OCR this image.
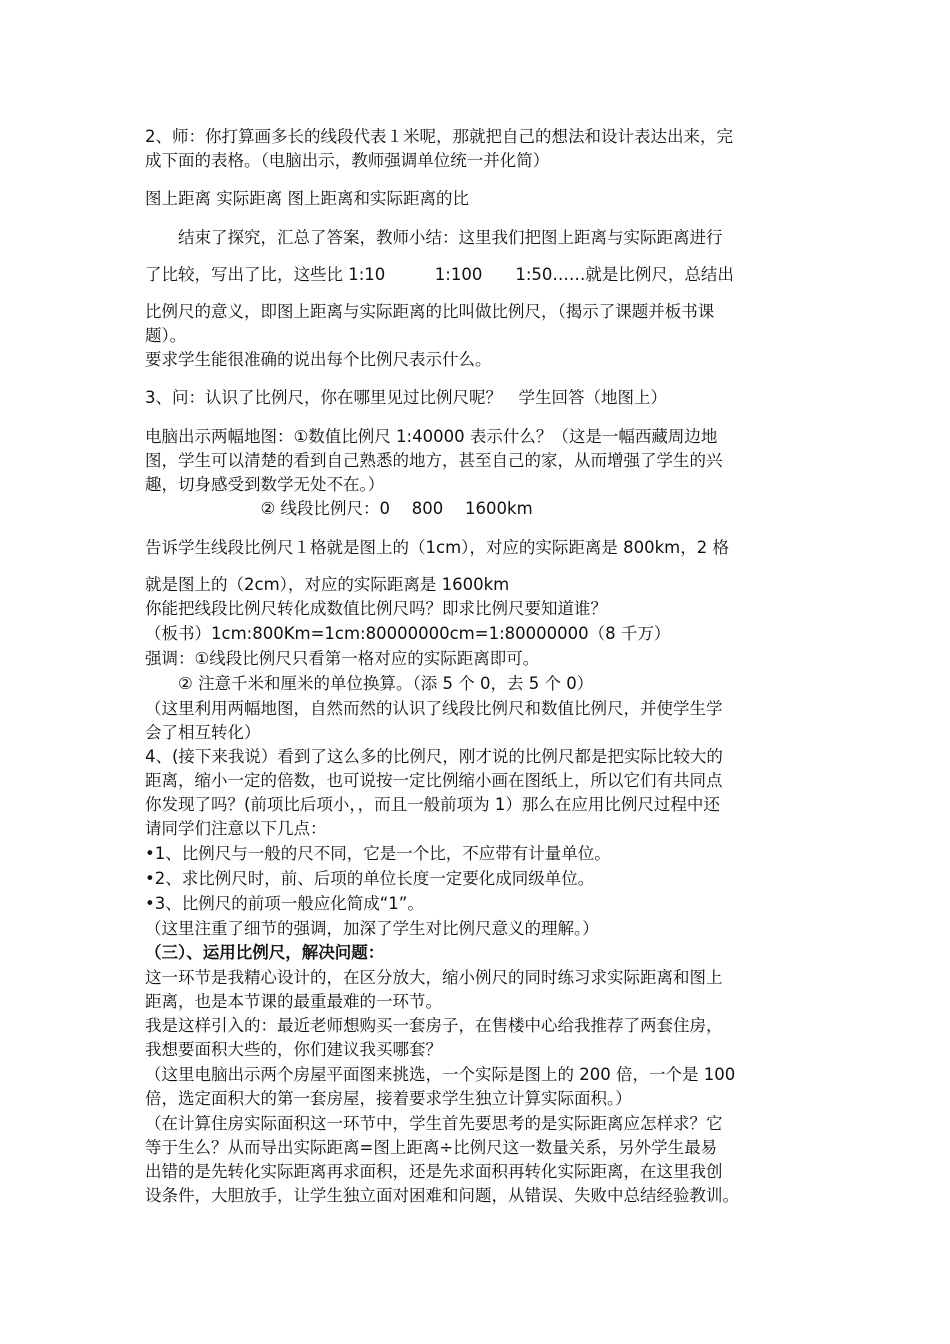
2、师：你打算画多长的线段代表１米呢，那就把自己的想法和设计表达出来，完
成下面的表格。（电脑出示，教师强调单位统一并化简）
图上距离 实际距离 图上距离和实际距离的比
　　结束了探究，汇总了答案，教师小结：这里我们把图上距离与实际距离进行
了比较，写出了比，这些比 1:10　　　1:100　　1:50……就是比例尺，总结出
比例尺的意义，即图上距离与实际距离的比叫做比例尺，（揭示了课题并板书课
题）。
要求学生能很准确的说出每个比例尺表示什么。
3、问：认识了比例尺，你在哪里见过比例尺呢？　学生回答（地图上）
电脑出示两幅地图：①数值比例尺 1:40000 表示什么？（这是一幅西藏周边地
图，学生可以清楚的看到自己熟悉的地方，甚至自己的家，从而增强了学生的兴
趣，切身感受到数学无处不在。）
　　　　　　　② 线段比例尺：0　 800　 1600km
告诉学生线段比例尺１格就是图上的（1cm），对应的实际距离是 800km，2 格
就是图上的（2cm），对应的实际距离是 1600km
你能把线段比例尺转化成数值比例尺吗？即求比例尺要知道谁？
（板书）1cm:800Km=1cm:80000000cm=1:80000000（8 千万）
强调：①线段比例尺只看第一格对应的实际距离即可。
　　② 注意千米和厘米的单位换算。（添 5 个 0，去 5 个 0）
（这里利用两幅地图，自然而然的认识了线段比例尺和数值比例尺，并使学生学
会了相互转化）
4、(接下来我说）看到了这么多的比例尺，刚才说的比例尺都是把实际比较大的
距离，缩小一定的倍数，也可说按一定比例缩小画在图纸上，所以它们有共同点
你发现了吗？(前项比后项小，，而且一般前项为 1）那么在应用比例尺过程中还
请同学们注意以下几点：
•1、比例尺与一般的尺不同，它是一个比，不应带有计量单位。
•2、求比例尺时，前、后项的单位长度一定要化成同级单位。
•3、比例尺的前项一般应化简成“1”。
（这里注重了细节的强调，加深了学生对比例尺意义的理解。）
（三）、运用比例尺，解决问题：
这一环节是我精心设计的，在区分放大，缩小例尺的同时练习求实际距离和图上
距离，也是本节课的最重最难的一环节。
我是这样引入的：最近老师想购买一套房子，在售楼中心给我推荐了两套住房，
我想要面积大些的，你们建议我买哪套？
（这里电脑出示两个房屋平面图来挑选，一个实际是图上的 200 倍，一个是 100
倍，选定面积大的第一套房屋，接着要求学生独立计算实际面积。）
（在计算住房实际面积这一环节中，学生首先要思考的是实际距离应怎样求？它
等于生么？从而导出实际距离=图上距离÷比例尺这一数量关系，另外学生最易
出错的是先转化实际距离再求面积，还是先求面积再转化实际距离，在这里我创
设条件，大胆放手，让学生独立面对困难和问题，从错误、失败中总结经验教训。
